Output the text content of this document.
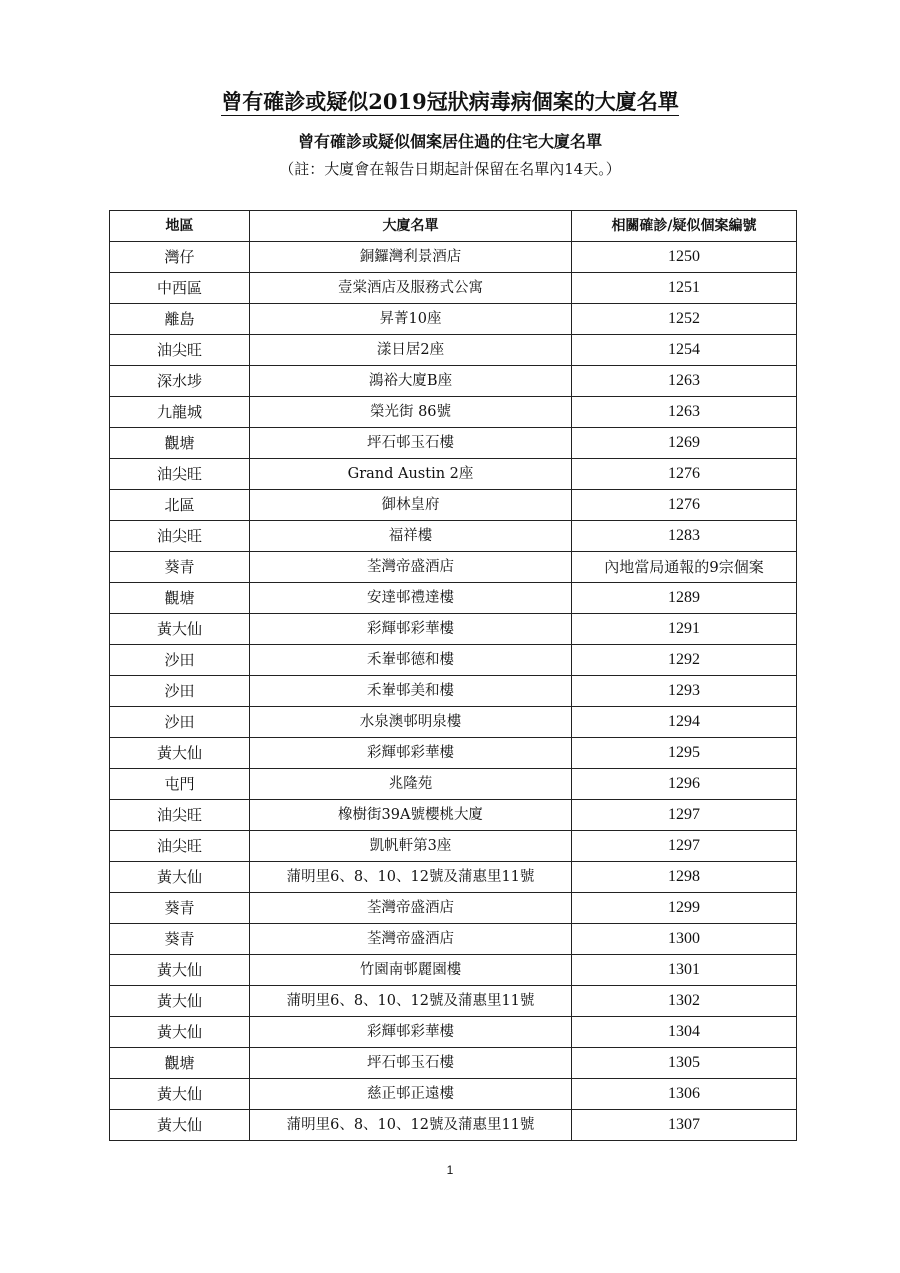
曾有確診或疑似2019冠狀病毒病個案的大廈名單
曾有確診或疑似個案居住過的住宅大廈名單
（註：大廈會在報告日期起計保留在名單內14天。）
地區	大廈名單	相關確診/疑似個案編號
灣仔	銅鑼灣利景酒店	1250
中西區	壹棠酒店及服務式公寓	1251
離島	昇菁10座	1252
油尖旺	漾日居2座	1254
深水埗	鴻裕大廈B座	1263
九龍城	榮光街 86號	1263
觀塘	坪石邨玉石樓	1269
油尖旺	Grand Austin 2座	1276
北區	御林皇府	1276
油尖旺	福祥樓	1283
葵青	荃灣帝盛酒店	內地當局通報的9宗個案
觀塘	安達邨禮達樓	1289
黃大仙	彩輝邨彩華樓	1291
沙田	禾輋邨德和樓	1292
沙田	禾輋邨美和樓	1293
沙田	水泉澳邨明泉樓	1294
黃大仙	彩輝邨彩華樓	1295
屯門	兆隆苑	1296
油尖旺	橡樹街39A號櫻桃大廈	1297
油尖旺	凱帆軒第3座	1297
黃大仙	蒲明里6、8、10、12號及蒲惠里11號	1298
葵青	荃灣帝盛酒店	1299
葵青	荃灣帝盛酒店	1300
黃大仙	竹園南邨麗園樓	1301
黃大仙	蒲明里6、8、10、12號及蒲惠里11號	1302
黃大仙	彩輝邨彩華樓	1304
觀塘	坪石邨玉石樓	1305
黃大仙	慈正邨正遠樓	1306
黃大仙	蒲明里6、8、10、12號及蒲惠里11號	1307
1
